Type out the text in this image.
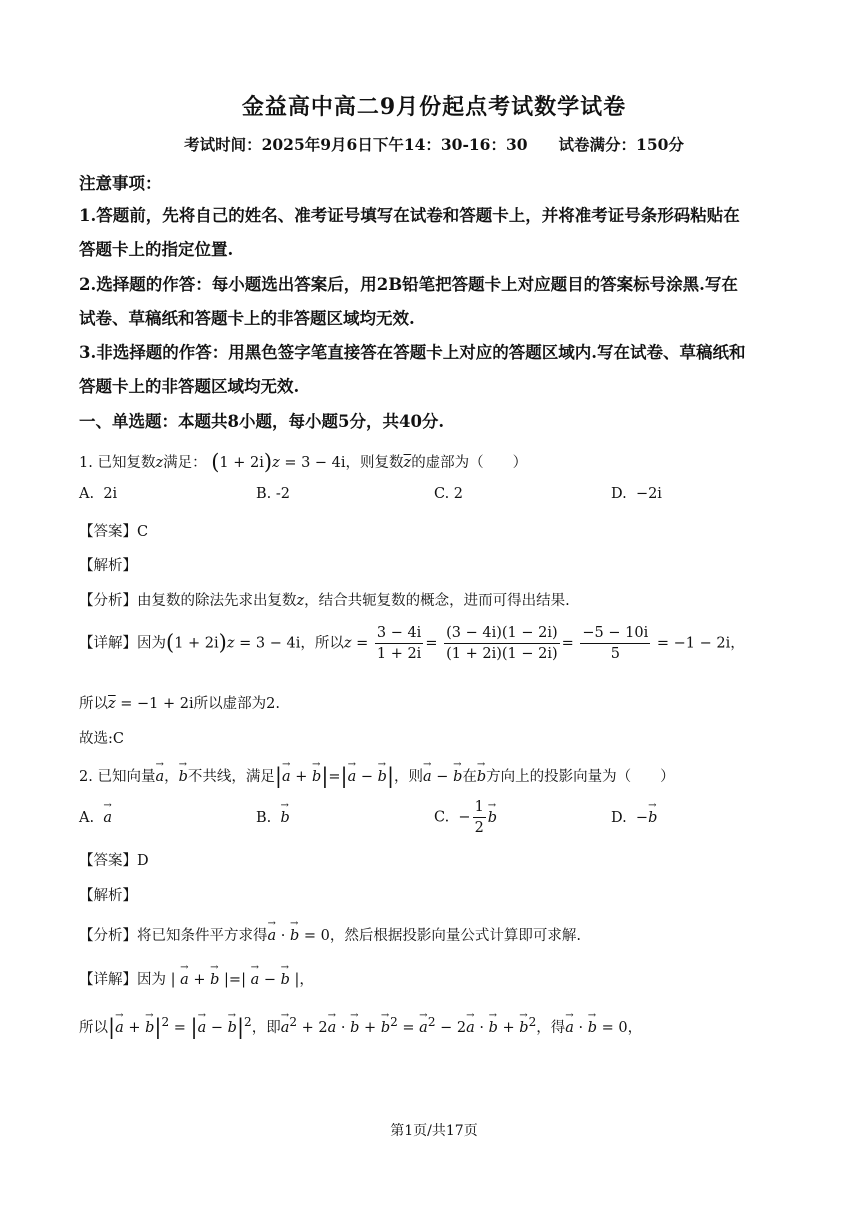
金益高中高二9月份起点考试数学试卷
考试时间：2025年9月6日下午14：30-16：30　　试卷满分：150分
注意事项：
1.答题前，先将自己的姓名、准考证号填写在试卷和答题卡上，并将准考证号条形码粘贴在
答题卡上的指定位置.
2.选择题的作答：每小题选出答案后，用2B铅笔把答题卡上对应题目的答案标号涂黑.写在
试卷、草稿纸和答题卡上的非答题区域均无效.
3.非选择题的作答：用黑色签字笔直接答在答题卡上对应的答题区域内.写在试卷、草稿纸和
答题卡上的非答题区域均无效.
一、单选题：本题共8小题，每小题5分，共40分.
1. 已知复数z满足： (1 + 2i)z = 3 − 4i，则复数$\overline{z}$的虚部为（　　）
A. 2i	B. -2	C. 2	D. −2i
【答案】C
【解析】
【分析】由复数的除法先求出复数z，结合共轭复数的概念，进而可得出结果.
【详解】因为(1 + 2i)z = 3 − 4i，所以$z = \frac{3 - 4i}{1 + 2i} = \frac{(3 - 4i)(1 - 2i)}{(1 + 2i)(1 - 2i)} = \frac{-5 - 10i}{5} = -1 - 2i$，
所以$\overline{z} = -1 + 2i$所以虚部为2.
故选:C
2. 已知向量→ a，→ b不共线，满足|→ a + → b|=|→ a − → b|，则→ a − → b在→ b方向上的投影向量为（　　）
A. → a	B. → b	C.  − $\frac{1}{2} \to b$	D.  −→ b
【答案】D
【解析】
【分析】将已知条件平方求得→ a · → b = 0，然后根据投影向量公式计算即可求解.
【详解】因为 | → a + → b |=| → a − → b |，
所以|→ a + → $b|^2$ = |→ a − → $b|^2$，即→ $a^2 + 2\to a$ · → b + → $b^2$ = → $a^2 - 2\to a$ · → b + → $b^2$，得→ a · → b = 0，
第1页/共17页
